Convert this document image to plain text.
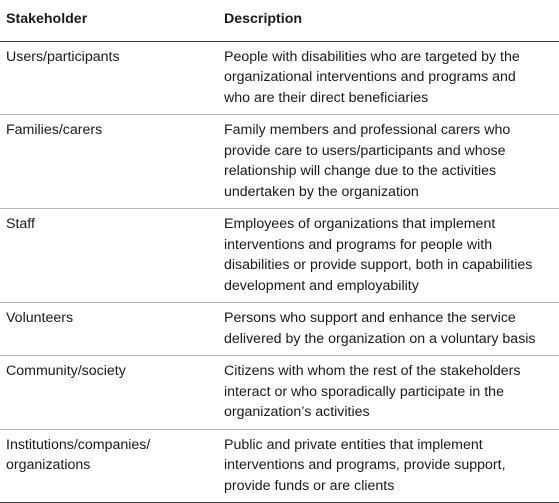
Stakeholder	Description

Users/participants	People with disabilities who are targeted by the
organizational interventions and programs and
who are their direct beneficiaries

Families/carers	Family members and professional carers who
provide care to users/participants and whose
relationship will change due to the activities
undertaken by the organization

Staff	Employees of organizations that implement
interventions and programs for people with
disabilities or provide support, both in capabilities
development and employability

Volunteers	Persons who support and enhance the service
delivered by the organization on a voluntary basis

Community/society	Citizens with whom the rest of the stakeholders
interact or who sporadically participate in the
organization’s activities

Institutions/companies/
organizations	Public and private entities that implement
interventions and programs, provide support,
provide funds or are clients
